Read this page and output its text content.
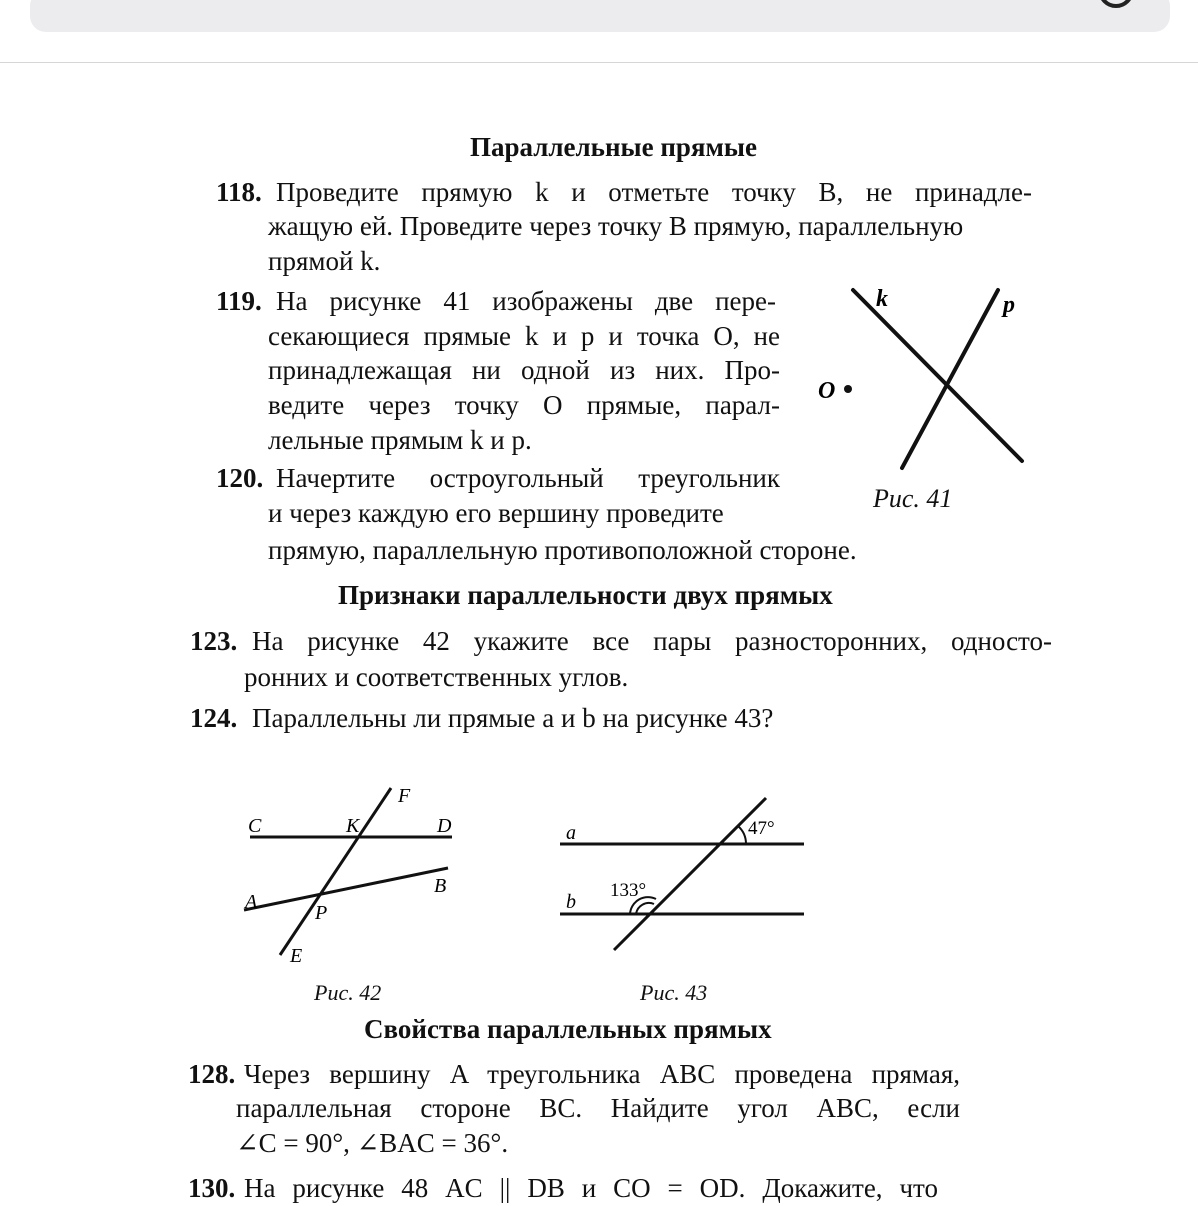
Параллельные прямые
118. Проведите прямую k и отметьте точку B, не принадле-
жащую ей. Проведите через точку B прямую, параллельную
прямой k.
119. На рисунке 41 изображены две пере-
секающиеся прямые k и p и точка O, не
принадлежащая ни одной из них. Про-
ведите через точку O прямые, парал-
лельные прямым k и p.
120. Начертите остроугольный треугольник
и через каждую его вершину проведите
прямую, параллельную противоположной стороне.
k	p
O
Рис. 41
Признаки параллельности двух прямых
123. На рисунке 42 укажите все пары разносторонних, односто-
ронних и соответственных углов.
124. Параллельны ли прямые a и b на рисунке 43?
C	K	D
F
A
B
P
E
Рис. 42
a
b
47°
133°
Рис. 43
Свойства параллельных прямых
128. Через вершину A треугольника ABC проведена прямая,
параллельная стороне BC. Найдите угол ABC, если
∠C = 90°, ∠BAC = 36°.
130. На рисунке 48 AC || DB и CO = OD. Докажите, что
